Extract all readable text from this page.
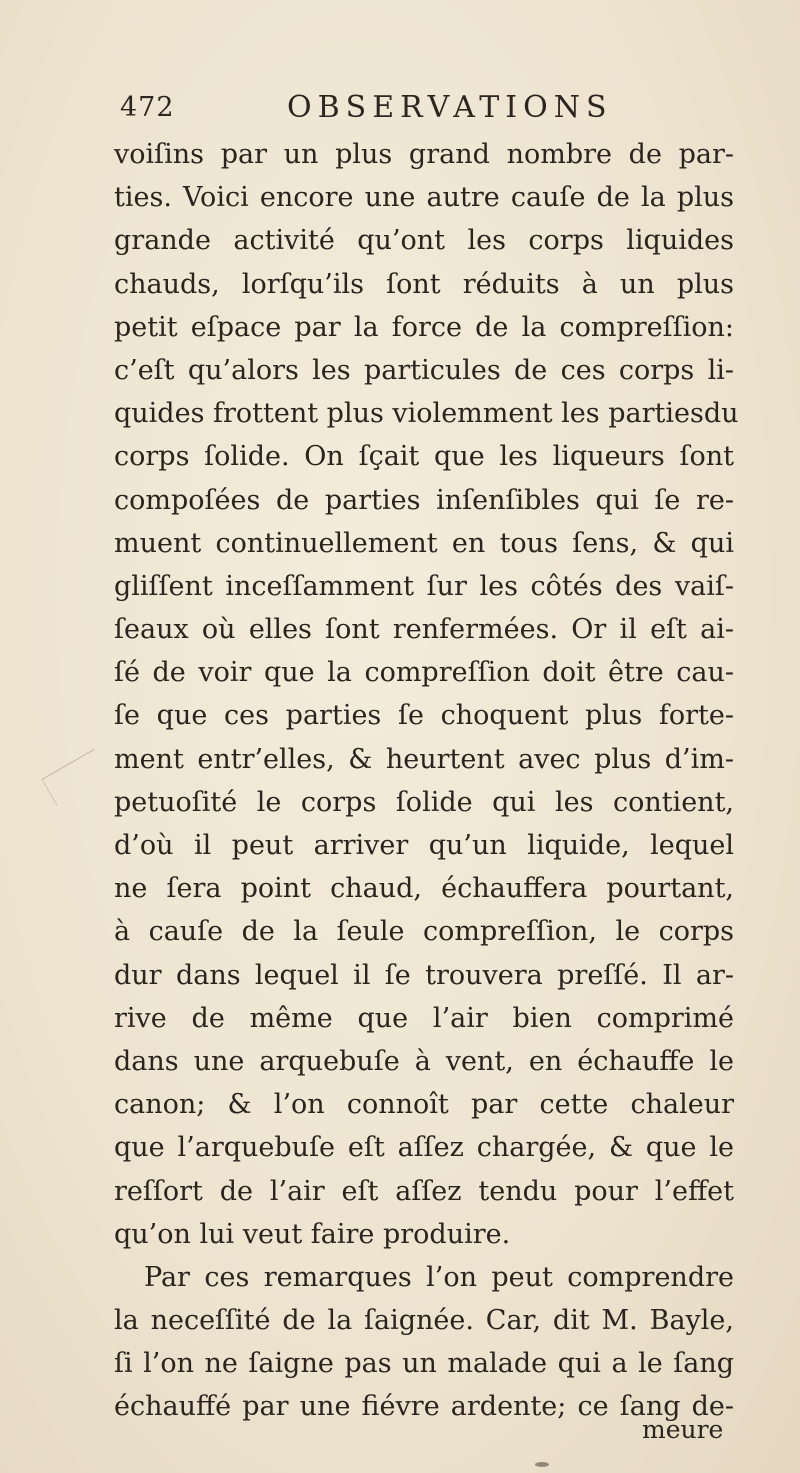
472	OBSERVATIONS
voiſins par un plus grand nombre de par-
ties. Voici encore une autre cauſe de la plus
grande activité qu’ont les corps liquides
chauds, lorſqu’ils ſont réduits à un plus
petit eſpace par la force de la compreſſion:
c’eſt qu’alors les particules de ces corps li-
quides frottent plus violemment les partiesdu
corps ſolide. On ſçait que les liqueurs ſont
compoſées de parties inſenſibles qui ſe re-
muent continuellement en tous ſens, & qui
gliſſent inceſſamment ſur les côtés des vaiſ-
ſeaux où elles ſont renfermées. Or il eſt ai-
ſé de voir que la compreſſion doit être cau-
ſe que ces parties ſe choquent plus forte-
ment entr’elles, & heurtent avec plus d’im-
petuoſité le corps ſolide qui les contient,
d’où il peut arriver qu’un liquide, lequel
ne ſera point chaud, échauffera pourtant,
à cauſe de la ſeule compreſſion, le corps
dur dans lequel il ſe trouvera preſſé. Il ar-
rive de même que l’air bien comprimé
dans une arquebuſe à vent, en échauffe le
canon; & l’on connoît par cette chaleur
que l’arquebuſe eſt aſſez chargée, & que le
reſſort de l’air eſt aſſez tendu pour l’effet
qu’on lui veut faire produire.
Par ces remarques l’on peut comprendre
la neceſſité de la ſaignée. Car, dit M. Bayle,
ſi l’on ne ſaigne pas un malade qui a le ſang
échauffé par une fiévre ardente; ce ſang de-
meure
